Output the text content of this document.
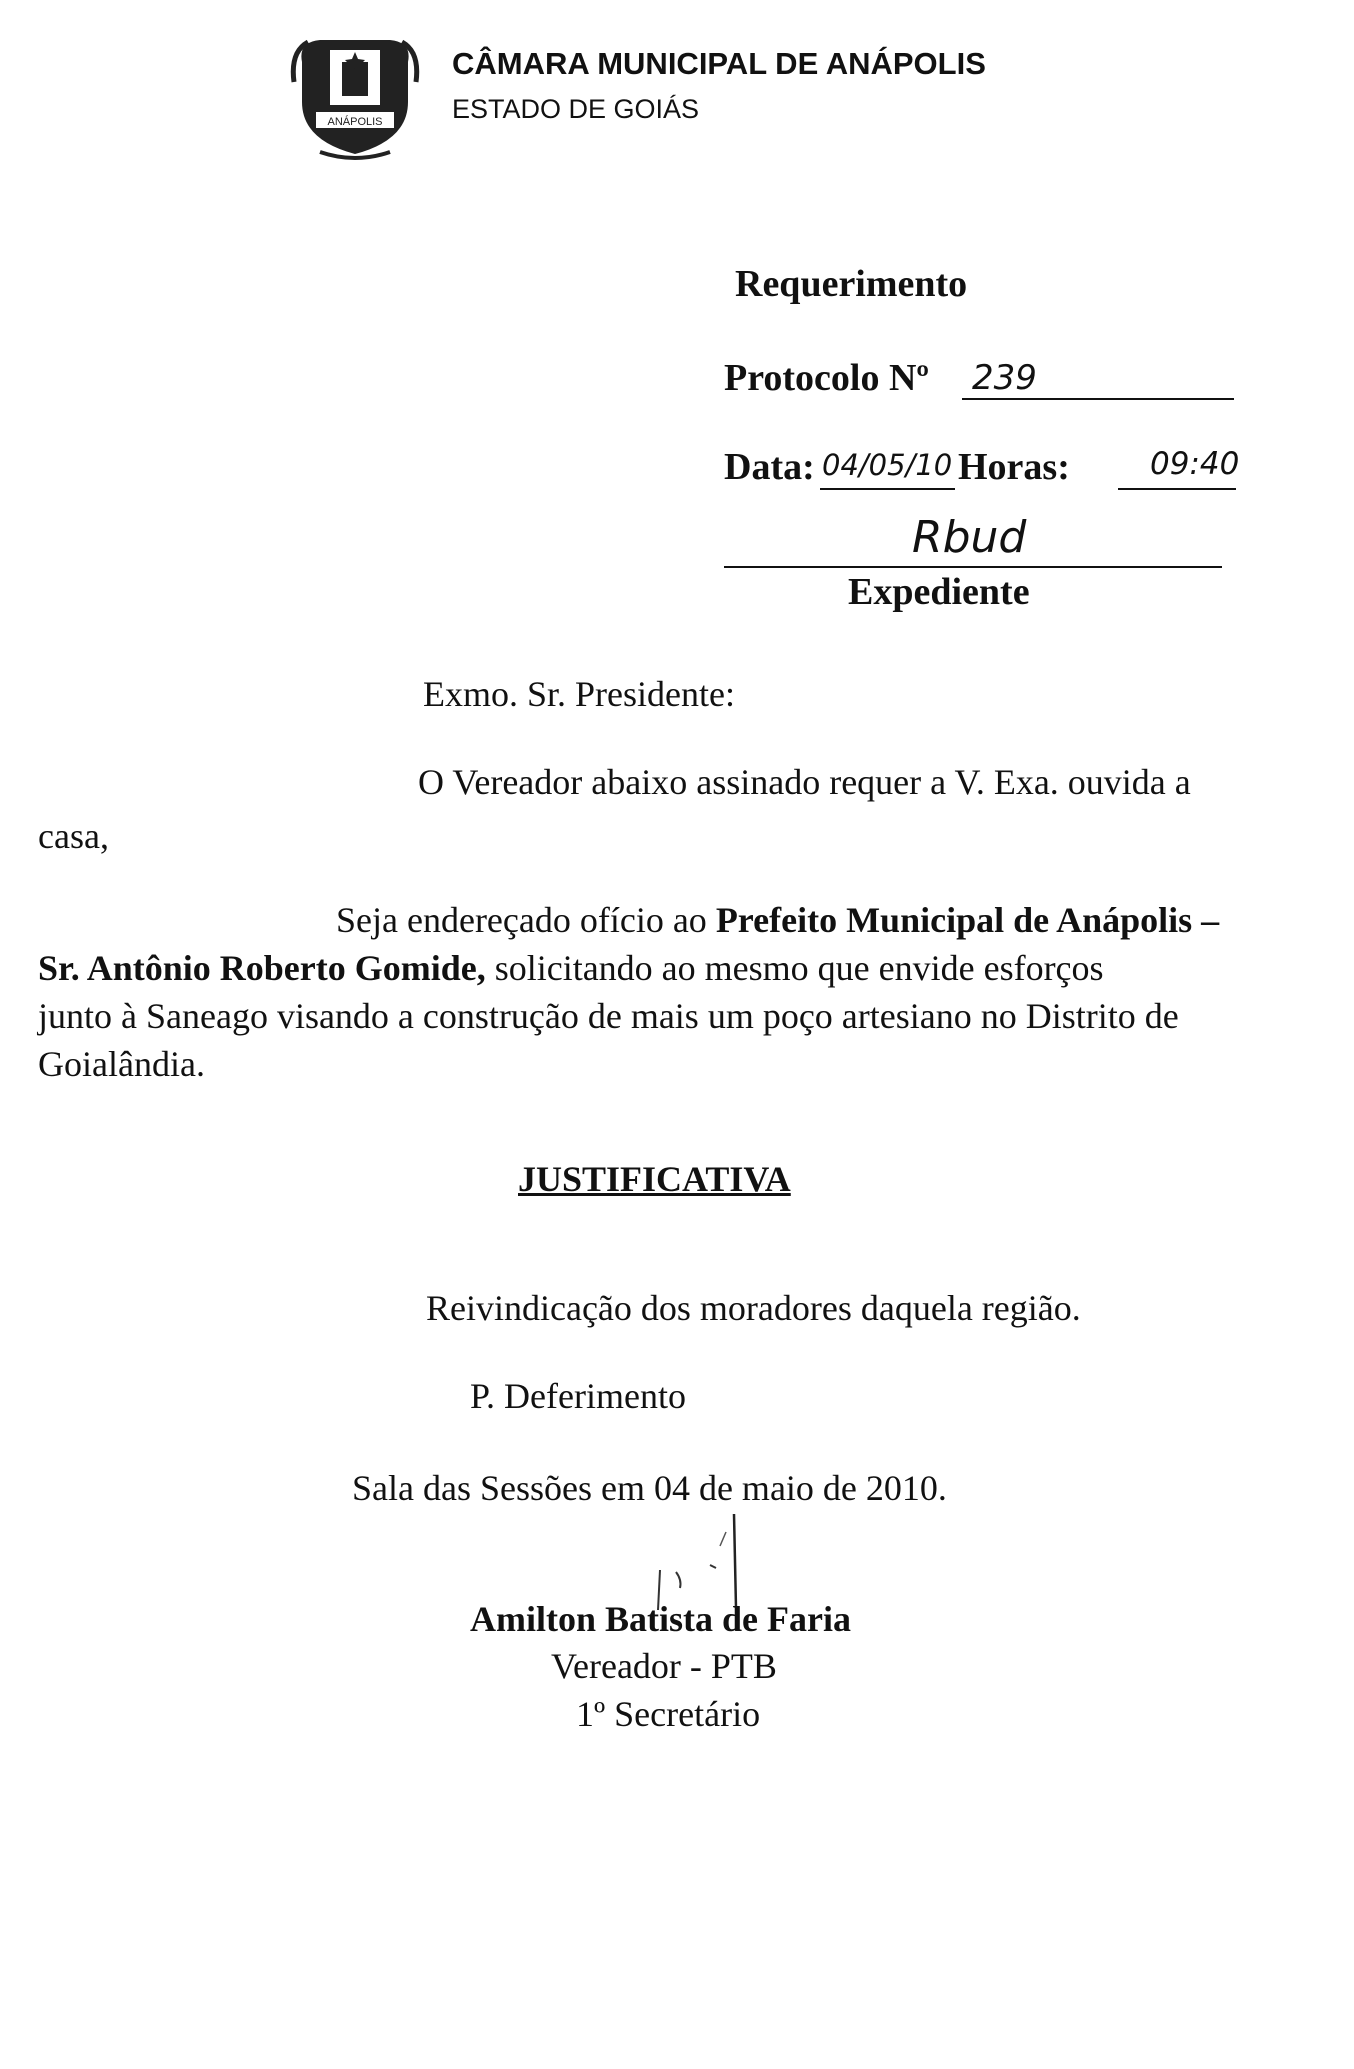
ANÁPOLIS
CÂMARA MUNICIPAL DE ANÁPOLIS
ESTADO DE GOIÁS
Requerimento
Protocolo Nº 239
Data: 04/05/10 Horas:	09:40
Rbud
Expediente
Exmo. Sr. Presidente:
O Vereador abaixo assinado requer a V. Exa. ouvida a
casa,
Seja endereçado ofício ao Prefeito Municipal de Anápolis –
Sr. Antônio Roberto Gomide, solicitando ao mesmo que envide esforços
junto à Saneago visando a construção de mais um poço artesiano no Distrito de
Goialândia.
JUSTIFICATIVA
Reivindicação dos moradores daquela região.
P. Deferimento
Sala das Sessões em 04 de maio de 2010.
Amilton Batista de Faria
Vereador - PTB
1º Secretário
